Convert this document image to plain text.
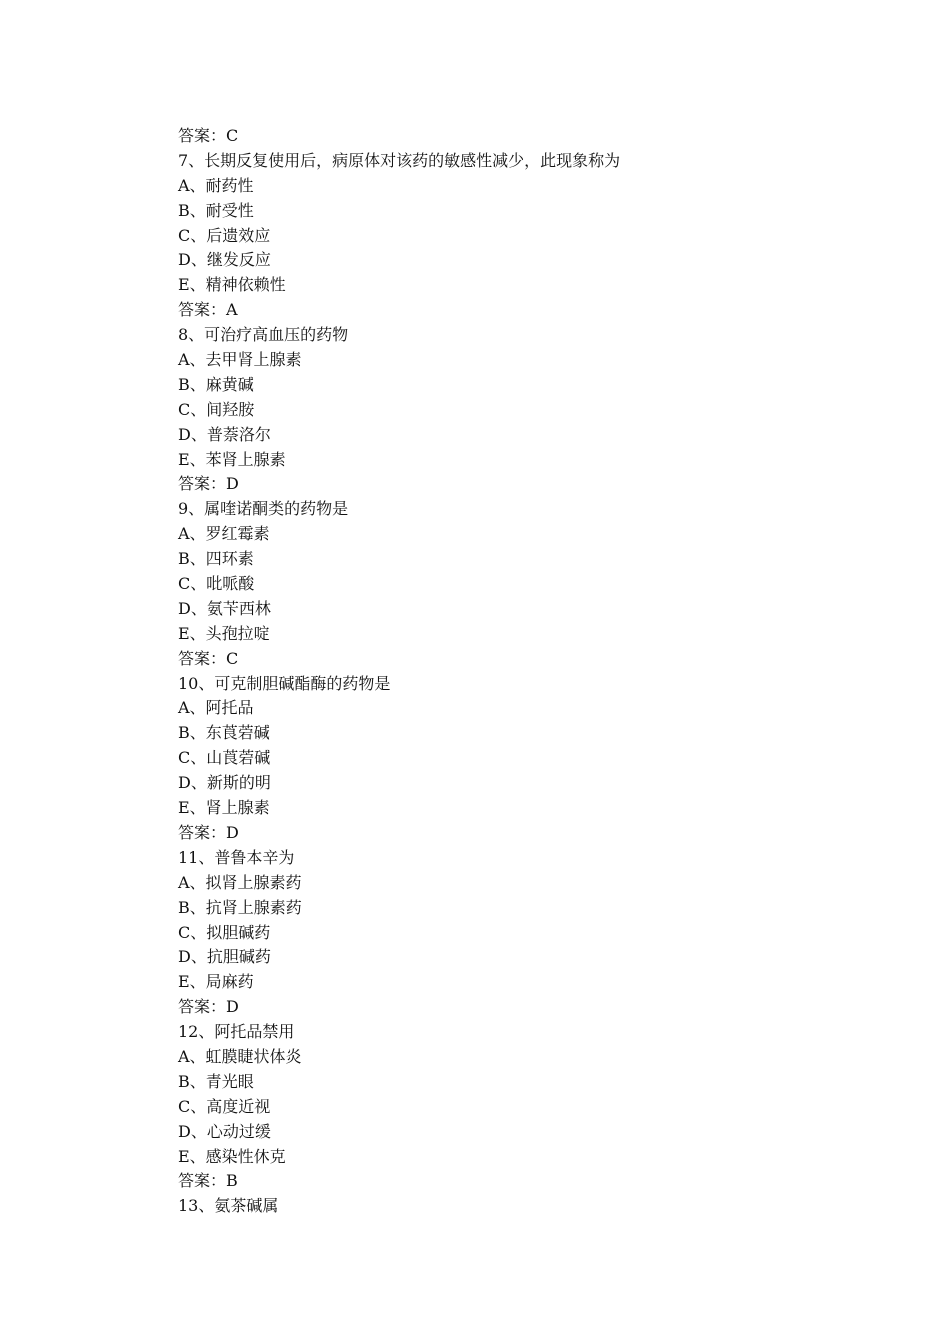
答案：C
7、长期反复使用后，病原体对该药的敏感性减少，此现象称为
A、耐药性
B、耐受性
C、后遗效应
D、继发反应
E、精神依赖性
答案：A
8、可治疗高血压的药物
A、去甲肾上腺素
B、麻黄碱
C、间羟胺
D、普萘洛尔
E、苯肾上腺素
答案：D
9、属喹诺酮类的药物是
A、罗红霉素
B、四环素
C、吡哌酸
D、氨苄西林
E、头孢拉啶
答案：C
10、可克制胆碱酯酶的药物是
A、阿托品
B、东莨菪碱
C、山莨菪碱
D、新斯的明
E、肾上腺素
答案：D
11、普鲁本辛为
A、拟肾上腺素药
B、抗肾上腺素药
C、拟胆碱药
D、抗胆碱药
E、局麻药
答案：D
12、阿托品禁用
A、虹膜睫状体炎
B、青光眼
C、高度近视
D、心动过缓
E、感染性休克
答案：B
13、氨茶碱属
